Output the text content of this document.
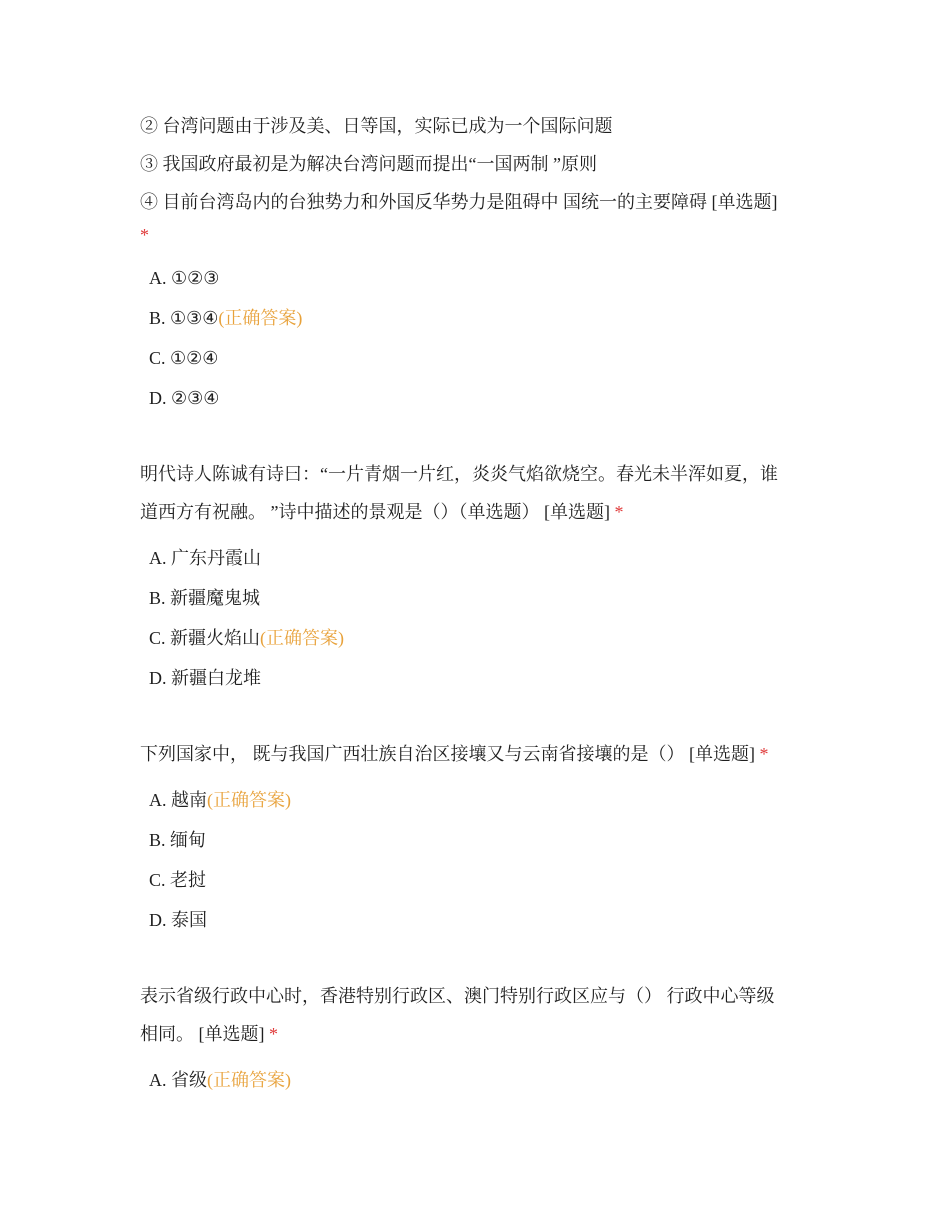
② 台湾问题由于涉及美、日等国，实际已成为一个国际问题
③ 我国政府最初是为解决台湾问题而提出“一国两制 ”原则
④ 目前台湾岛内的台独势力和外国反华势力是阻碍中 国统一的主要障碍 [单选题]
*
A. ①②③
B. ①③④(正确答案)
C. ①②④
D. ②③④
明代诗人陈诚有诗曰：“一片青烟一片红，炎炎气焰欲烧空。春光未半浑如夏，谁
道西方有祝融。 ”诗中描述的景观是（）（单选题） [单选题] *
A. 广东丹霞山
B. 新疆魔鬼城
C. 新疆火焰山(正确答案)
D. 新疆白龙堆
下列国家中， 既与我国广西壮族自治区接壤又与云南省接壤的是（） [单选题] *
A. 越南(正确答案)
B. 缅甸
C. 老挝
D. 泰国
表示省级行政中心时，香港特别行政区、澳门特别行政区应与（） 行政中心等级
相同。 [单选题] *
A. 省级(正确答案)
